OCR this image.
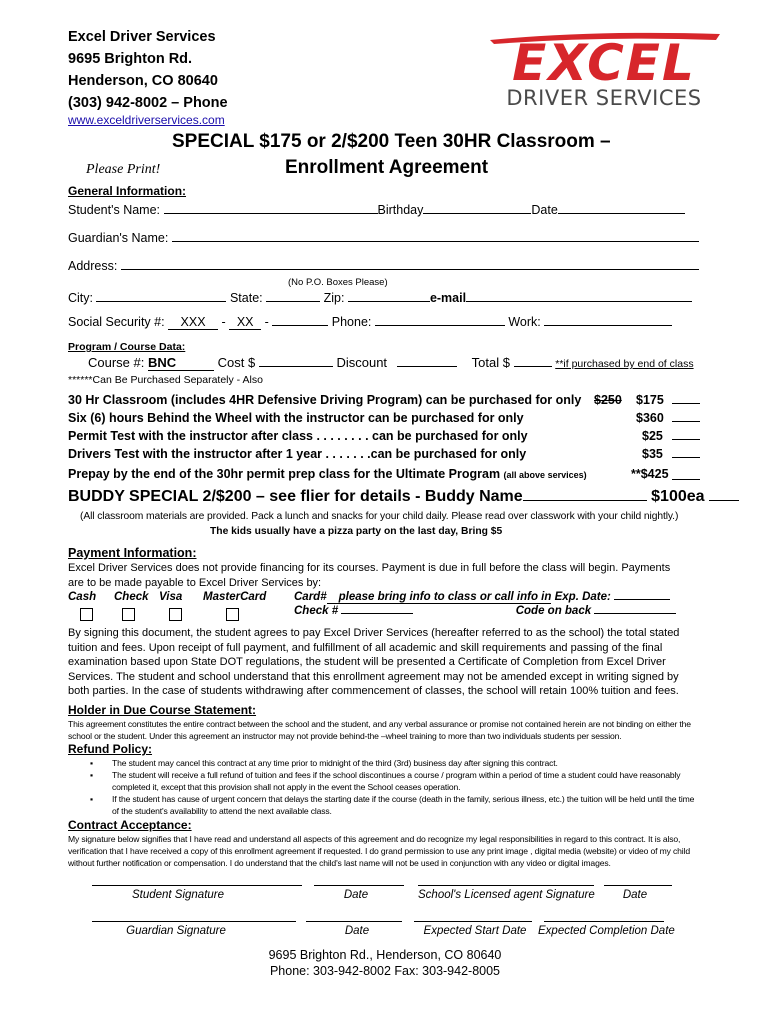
Excel Driver Services
9695 Brighton Rd.
Henderson, CO 80640
(303) 942-8002 – Phone
www.exceldriverservices.com
EXCEL
DRIVER SERVICES
SPECIAL $175 or 2/$200 Teen 30HR Classroom –
Enrollment Agreement
Please Print!
General Information:
Student's Name:	Birthday	Date
Guardian's Name:
Address:
(No P.O. Boxes Please)
City:	State:	Zip:	e-mail
Social Security #: XXX - XX -	Phone:	Work:
Program / Course Data:
Course #: BNC	Cost $	Discount	Total $	**if purchased by end of class
******Can Be Purchased Separately - Also
30 Hr Classroom (includes 4HR Defensive Driving Program) can be purchased for only $250 $175
Six (6) hours Behind the Wheel with the instructor can be purchased for only	$360
Permit Test with the instructor after class . . . . . . . . can be purchased for only	$25
Drivers Test with the instructor after 1 year . . . . . . .can be purchased for only	$35
Prepay by the end of the 30hr permit prep class for the Ultimate Program (all above services)	**$425
BUDDY SPECIAL 2/$200 – see flier for details - Buddy Name	$100ea
(All classroom materials are provided. Pack a lunch and snacks for your child daily. Please read over classwork with your child nightly.)
The kids usually have a pizza party on the last day, Bring $5
Payment Information:
Excel Driver Services does not provide financing for its courses. Payment is due in full before the class will begin. Payments are to be made payable to Excel Driver Services by:
Cash Check Visa MasterCard Card# please bring info to class or call info in Exp. Date:
Check #	Code on back
By signing this document, the student agrees to pay Excel Driver Services (hereafter referred to as the school) the total stated tuition and fees. Upon receipt of full payment, and fulfillment of all academic and skill requirements and passing of the final examination based upon State DOT regulations, the student will be presented a Certificate of Completion from Excel Driver Services. The student and school understand that this enrollment agreement may not be amended except in writing signed by both parties. In the case of students withdrawing after commencement of classes, the school will retain 100% tuition and fees.
Holder in Due Course Statement:
This agreement constitutes the entire contract between the school and the student, and any verbal assurance or promise not contained herein are not binding on either the school or the student. Under this agreement an instructor may not provide behind-the –wheel training to more than two individuals students per session.
Refund Policy:
▪ The student may cancel this contract at any time prior to midnight of the third (3rd) business day after signing this contract.
▪ The student will receive a full refund of tuition and fees if the school discontinues a course / program within a period of time a student could have reasonably completed it, except that this provision shall not apply in the event the School ceases operation.
▪ If the student has cause of urgent concern that delays the starting date if the course (death in the family, serious illness, etc.) the tuition will be held until the time of the student's availability to attend the next available class.
Contract Acceptance:
My signature below signifies that I have read and understand all aspects of this agreement and do recognize my legal responsibilities in regard to this contract. It is also, verification that I have received a copy of this enrollment agreement if requested. I do grand permission to use any print image , digital media (website) or video of my child without further notification or compensation. I do understand that the child's last name will not be used in conjunction with any video or digital images.
Student Signature	Date	School's Licensed agent Signature	Date
Guardian Signature	Date	Expected Start Date	Expected Completion Date
9695 Brighton Rd., Henderson, CO 80640
Phone: 303-942-8002 Fax: 303-942-8005
